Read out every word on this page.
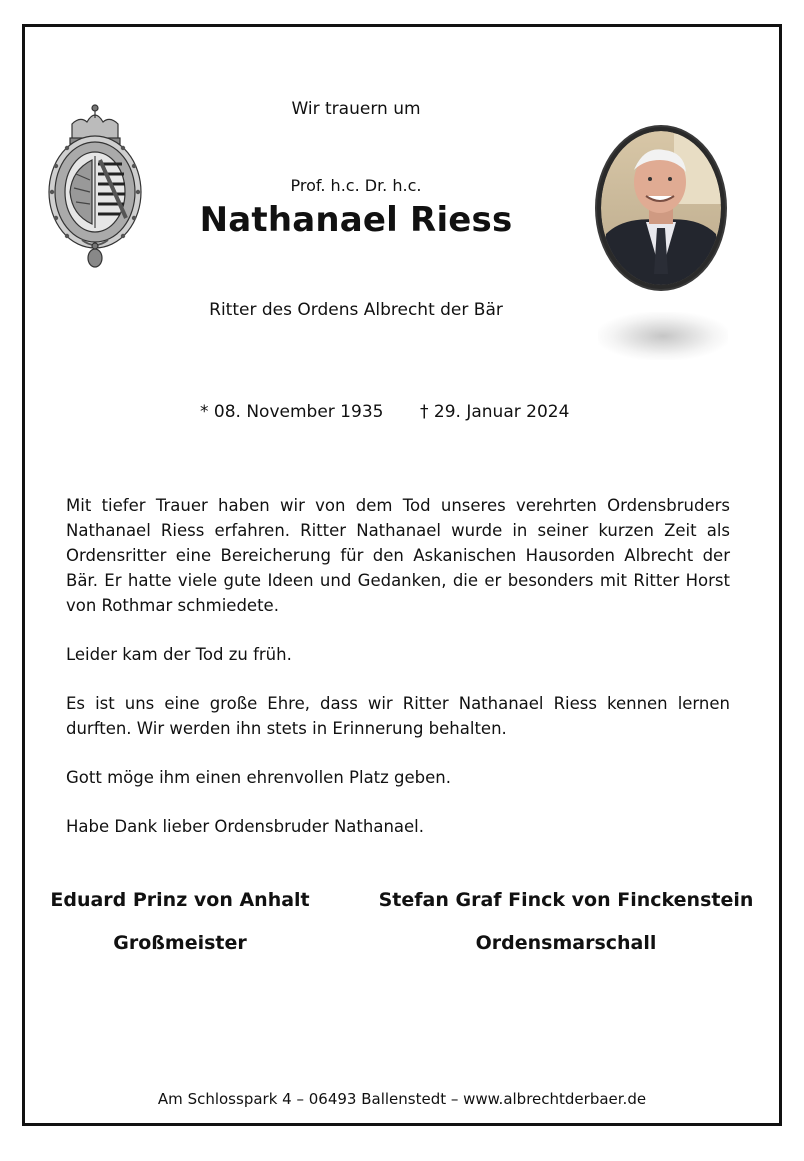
Wir trauern um
Prof. h.c. Dr. h.c.
Nathanael Riess
Ritter des Ordens Albrecht der Bär
* 08. November 1935	† 29. Januar 2024

Mit tiefer Trauer haben wir von dem Tod unseres verehrten Ordensbruders Nathanael Riess erfahren. Ritter Nathanael wurde in seiner kurzen Zeit als Ordensritter eine Bereicherung für den Askanischen Hausorden Albrecht der Bär. Er hatte viele gute Ideen und Gedanken, die er besonders mit Ritter Horst von Rothmar schmiedete.

Leider kam der Tod zu früh.

Es ist uns eine große Ehre, dass wir Ritter Nathanael Riess kennen lernen durften. Wir werden ihn stets in Erinnerung behalten.

Gott möge ihm einen ehrenvollen Platz geben.

Habe Dank lieber Ordensbruder Nathanael.

Eduard Prinz von Anhalt
Großmeister
Stefan Graf Finck von Finckenstein
Ordensmarschall
Am Schlosspark 4 – 06493 Ballenstedt – www.albrechtderbaer.de
